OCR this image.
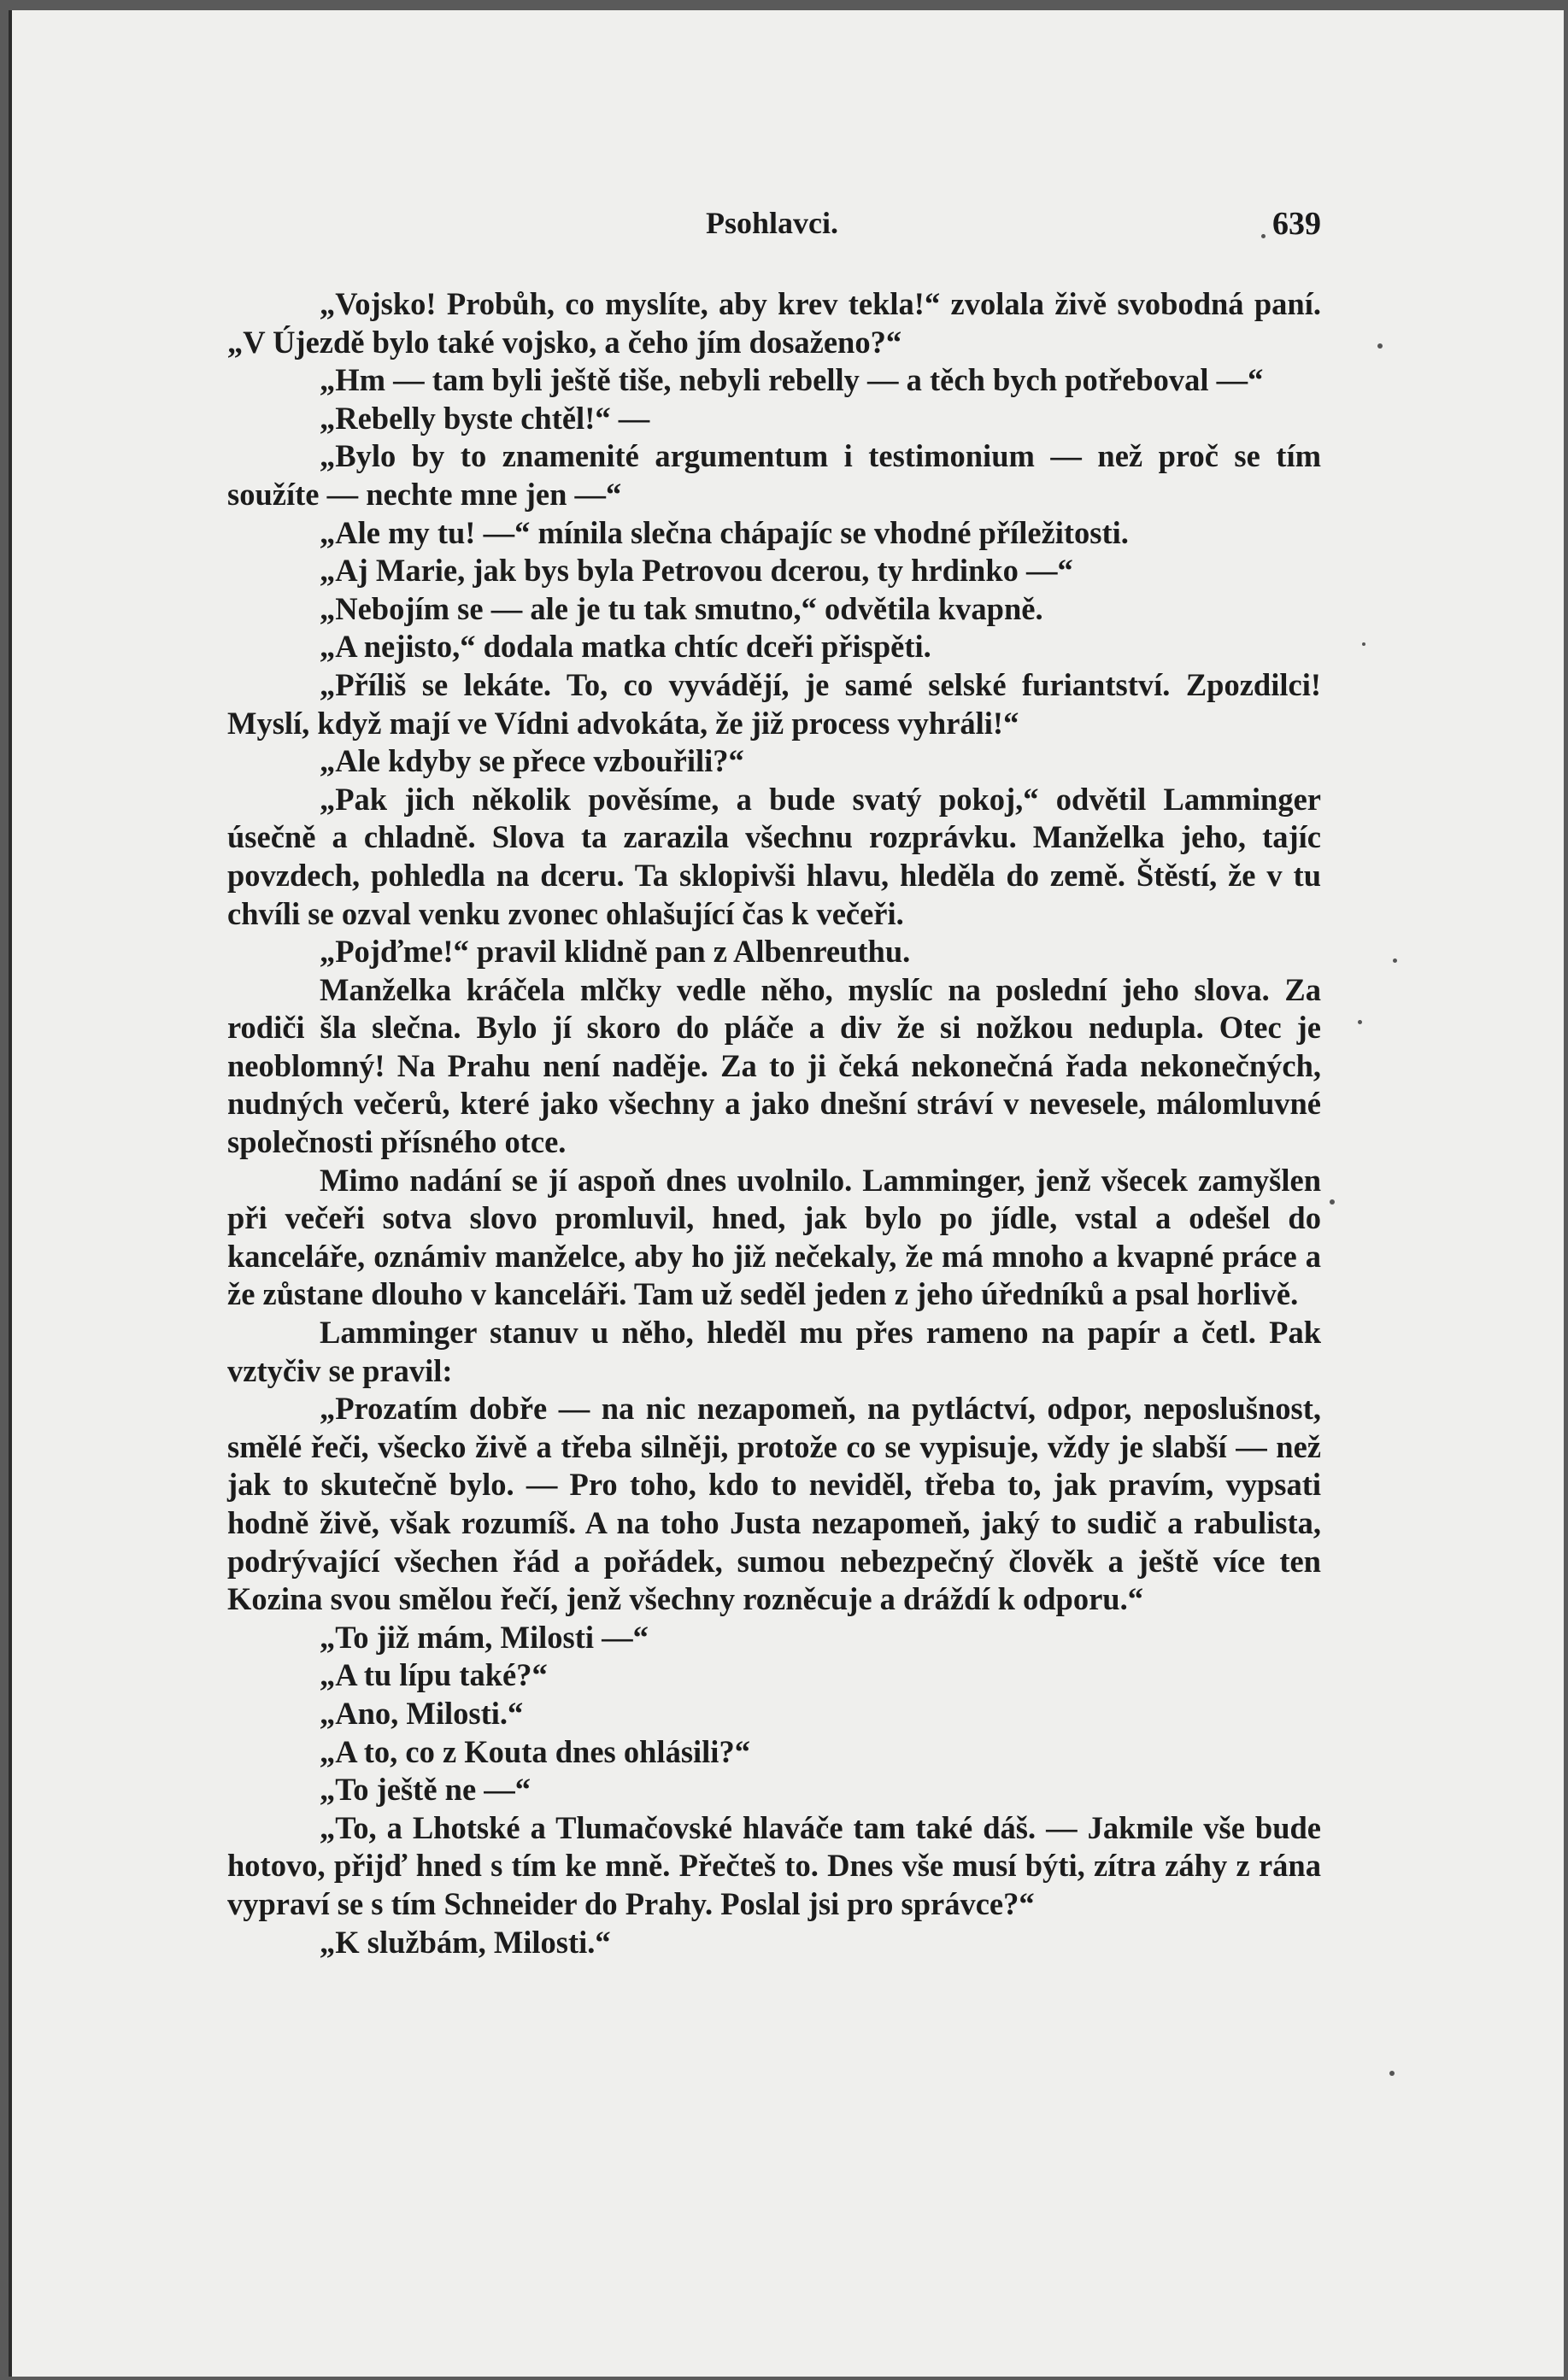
Psohlavci.	639

„Vojsko! Probůh, co myslíte, aby krev tekla!“ zvolala živě svobodná paní. „V Újezdě bylo také vojsko, a čeho jím dosaženo?“

„Hm — tam byli ještě tiše, nebyli rebelly — a těch bych potřeboval —“

„Rebelly byste chtěl!“ —

„Bylo by to znamenité argumentum i testimonium — než proč se tím soužíte — nechte mne jen —“

„Ale my tu! —“ mínila slečna chápajíc se vhodné příležitosti.

„Aj Marie, jak bys byla Petrovou dcerou, ty hrdinko —“

„Nebojím se — ale je tu tak smutno,“ odvětila kvapně.

„A nejisto,“ dodala matka chtíc dceři přispěti.

„Příliš se lekáte. To, co vyvádějí, je samé selské furiantství. Zpozdilci! Myslí, když mají ve Vídni advokáta, že již process vyhráli!“

„Ale kdyby se přece vzbouřili?“

„Pak jich několik pověsíme, a bude svatý pokoj,“ odvětil Lamminger úsečně a chladně. Slova ta zarazila všechnu rozprávku. Manželka jeho, tajíc povzdech, pohledla na dceru. Ta sklopivši hlavu, hleděla do země. Štěstí, že v tu chvíli se ozval venku zvonec ohlašující čas k večeři.

„Pojďme!“ pravil klidně pan z Albenreuthu.

Manželka kráčela mlčky vedle něho, myslíc na poslední jeho slova. Za rodiči šla slečna. Bylo jí skoro do pláče a div že si nožkou nedupla. Otec je neoblomný! Na Prahu není naděje. Za to ji čeká nekonečná řada nekonečných, nudných večerů, které jako všechny a jako dnešní stráví v nevesele, málomluvné společnosti přísného otce.

Mimo nadání se jí aspoň dnes uvolnilo. Lamminger, jenž všecek zamyšlen při večeři sotva slovo promluvil, hned, jak bylo po jídle, vstal a odešel do kanceláře, oznámiv manželce, aby ho již nečekaly, že má mnoho a kvapné práce a že zůstane dlouho v kanceláři. Tam už seděl jeden z jeho úředníků a psal horlivě.

Lamminger stanuv u něho, hleděl mu přes rameno na papír a četl. Pak vztyčiv se pravil:

„Prozatím dobře — na nic nezapomeň, na pytláctví, odpor, neposlušnost, smělé řeči, všecko živě a třeba silněji, protože co se vypisuje, vždy je slabší — než jak to skutečně bylo. — Pro toho, kdo to neviděl, třeba to, jak pravím, vypsati hodně živě, však rozumíš. A na toho Justa nezapomeň, jaký to sudič a rabulista, podrývající všechen řád a pořádek, sumou nebezpečný člověk a ještě více ten Kozina svou smělou řečí, jenž všechny rozněcuje a dráždí k odporu.“

„To již mám, Milosti —“

„A tu lípu také?“

„Ano, Milosti.“

„A to, co z Kouta dnes ohlásili?“

„To ještě ne —“

„To, a Lhotské a Tlumačovské hlaváče tam také dáš. — Jakmile vše bude hotovo, přijď hned s tím ke mně. Přečteš to. Dnes vše musí býti, zítra záhy z rána vypraví se s tím Schneider do Prahy. Poslal jsi pro správce?“

„K službám, Milosti.“
